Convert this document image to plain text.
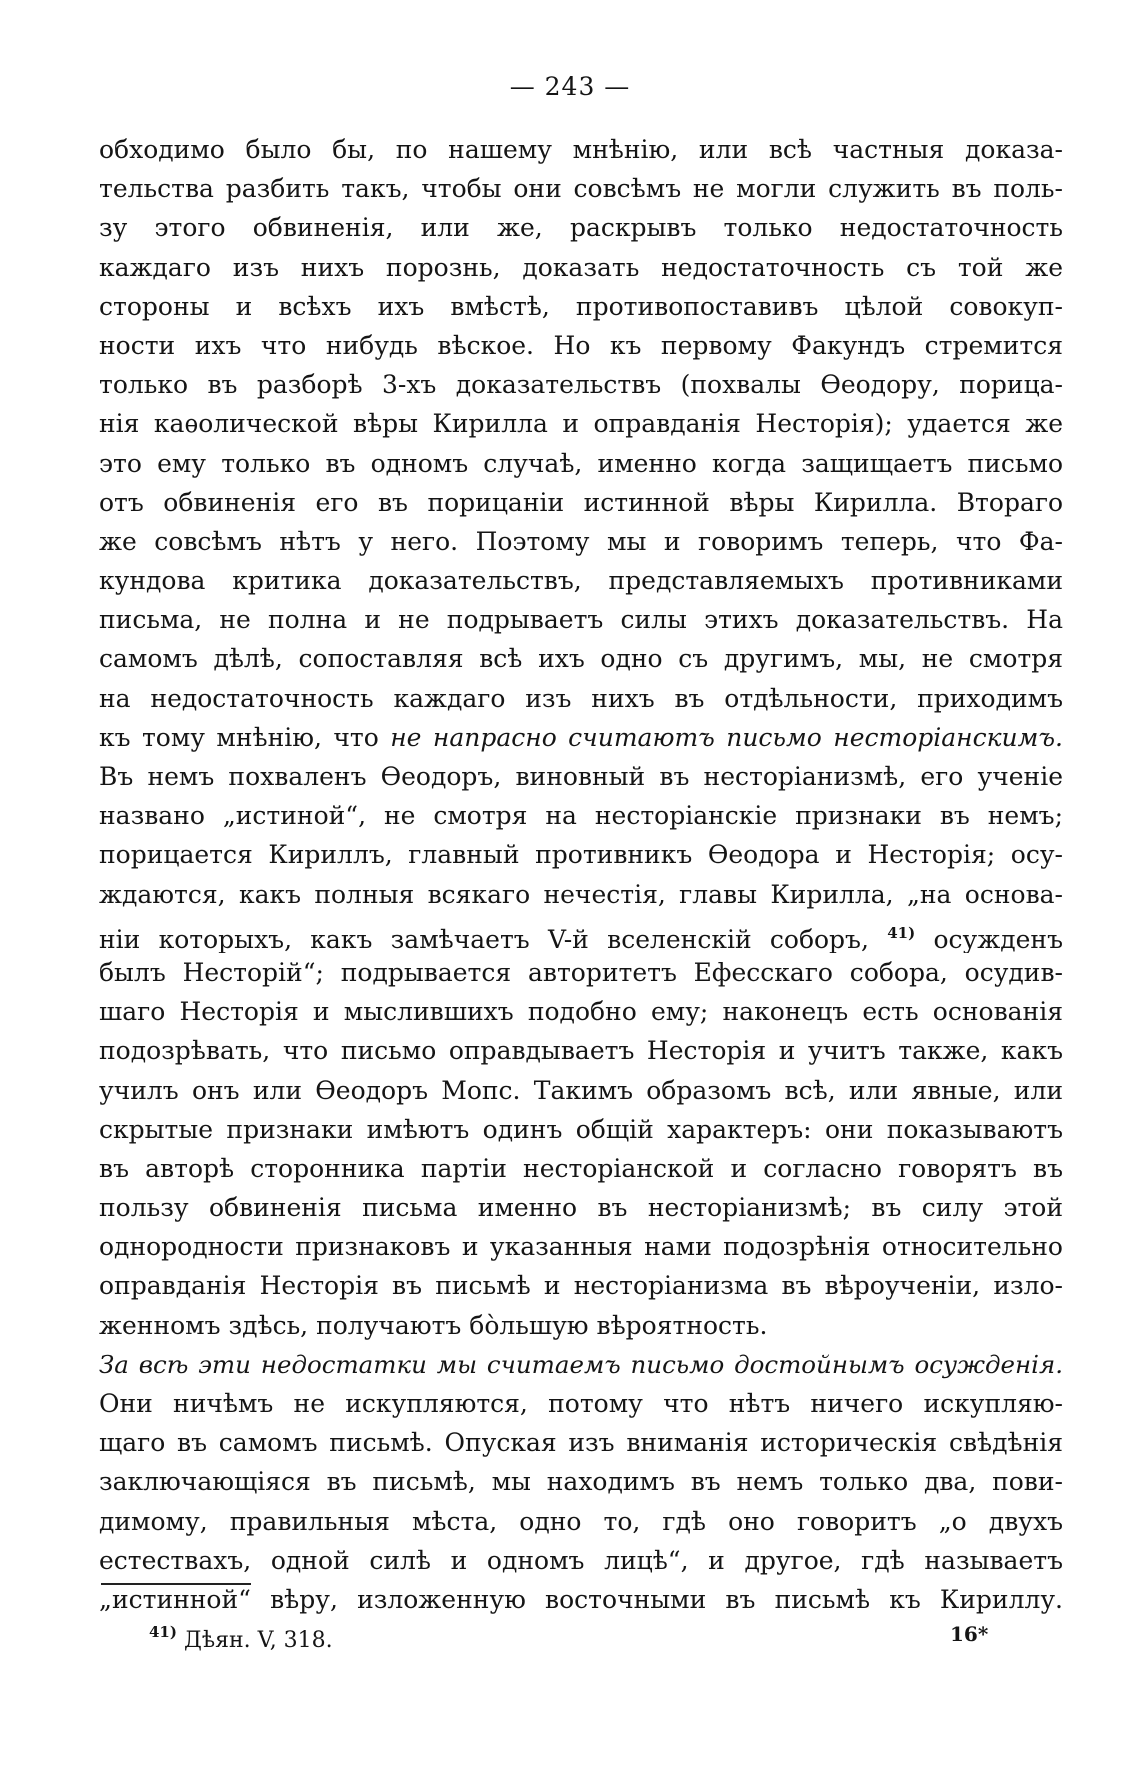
— 243 —
обходимо было бы, по нашему мнѣнію, или всѣ частныя доказа-
тельства разбить такъ, чтобы они совсѣмъ не могли служить въ поль-
зу этого обвиненія, или же, раскрывъ только недостаточность
каждаго изъ нихъ порознь, доказать недостаточность съ той же
стороны и всѣхъ ихъ вмѣстѣ, противопоставивъ цѣлой совокуп-
ности ихъ что нибудь вѣское. Но къ первому Факундъ стремится
только въ разборѣ 3-хъ доказательствъ (похвалы Ѳеодору, порица-
нія каѳолической вѣры Кирилла и оправданія Несторія); удается же
это ему только въ одномъ случаѣ, именно когда защищаетъ письмо
отъ обвиненія его въ порицаніи истинной вѣры Кирилла. Втораго
же совсѣмъ нѣтъ у него. Поэтому мы и говоримъ теперь, что Фа-
кундова критика доказательствъ, представляемыхъ противниками
письма, не полна и не подрываетъ силы этихъ доказательствъ. На
самомъ дѣлѣ, сопоставляя всѣ ихъ одно съ другимъ, мы, не смотря
на недостаточность каждаго изъ нихъ въ отдѣльности, приходимъ
къ тому мнѣнію, что не напрасно считаютъ письмо несторіанскимъ.
Въ немъ похваленъ Ѳеодоръ, виновный въ несторіанизмѣ, его ученіе
названо „истиной“, не смотря на несторіанскіе признаки въ немъ;
порицается Кириллъ, главный противникъ Ѳеодора и Несторія; осу-
ждаются, какъ полныя всякаго нечестія, главы Кирилла, „на основа-
ніи которыхъ, какъ замѣчаетъ V-й вселенскій соборъ, $^{41)}$ осужденъ
былъ Несторій“; подрывается авторитетъ Ефесскаго собора, осудив-
шаго Несторія и мыслившихъ подобно ему; наконецъ есть основанія
подозрѣвать, что письмо оправдываетъ Несторія и учитъ также, какъ
училъ онъ или Ѳеодоръ Мопс. Такимъ образомъ всѣ, или явные, или
скрытые признаки имѣютъ одинъ общій характеръ: они показываютъ
въ авторѣ сторонника партіи несторіанской и согласно говорятъ въ
пользу обвиненія письма именно въ несторіанизмѣ; въ силу этой
однородности признаковъ и указанныя нами подозрѣнія относительно
оправданія Несторія въ письмѣ и несторіанизма въ вѣроученіи, изло-
женномъ здѣсь, получаютъ бо̀льшую вѣроятность.
За всѣ эти недостатки мы считаемъ письмо достойнымъ осужденія.
Они ничѣмъ не искупляются, потому что нѣтъ ничего искупляю-
щаго въ самомъ письмѣ. Опуская изъ вниманія историческія свѣдѣнія
заключающіяся въ письмѣ, мы находимъ въ немъ только два, пови-
димому, правильныя мѣста, одно то, гдѣ оно говоритъ „о двухъ
естествахъ, одной силѣ и одномъ лицѣ“, и другое, гдѣ называетъ
„истинной“ вѣру, изложенную восточными въ письмѣ къ Кириллу.
$^{41)}$ Дѣян. V, 318.	16*
